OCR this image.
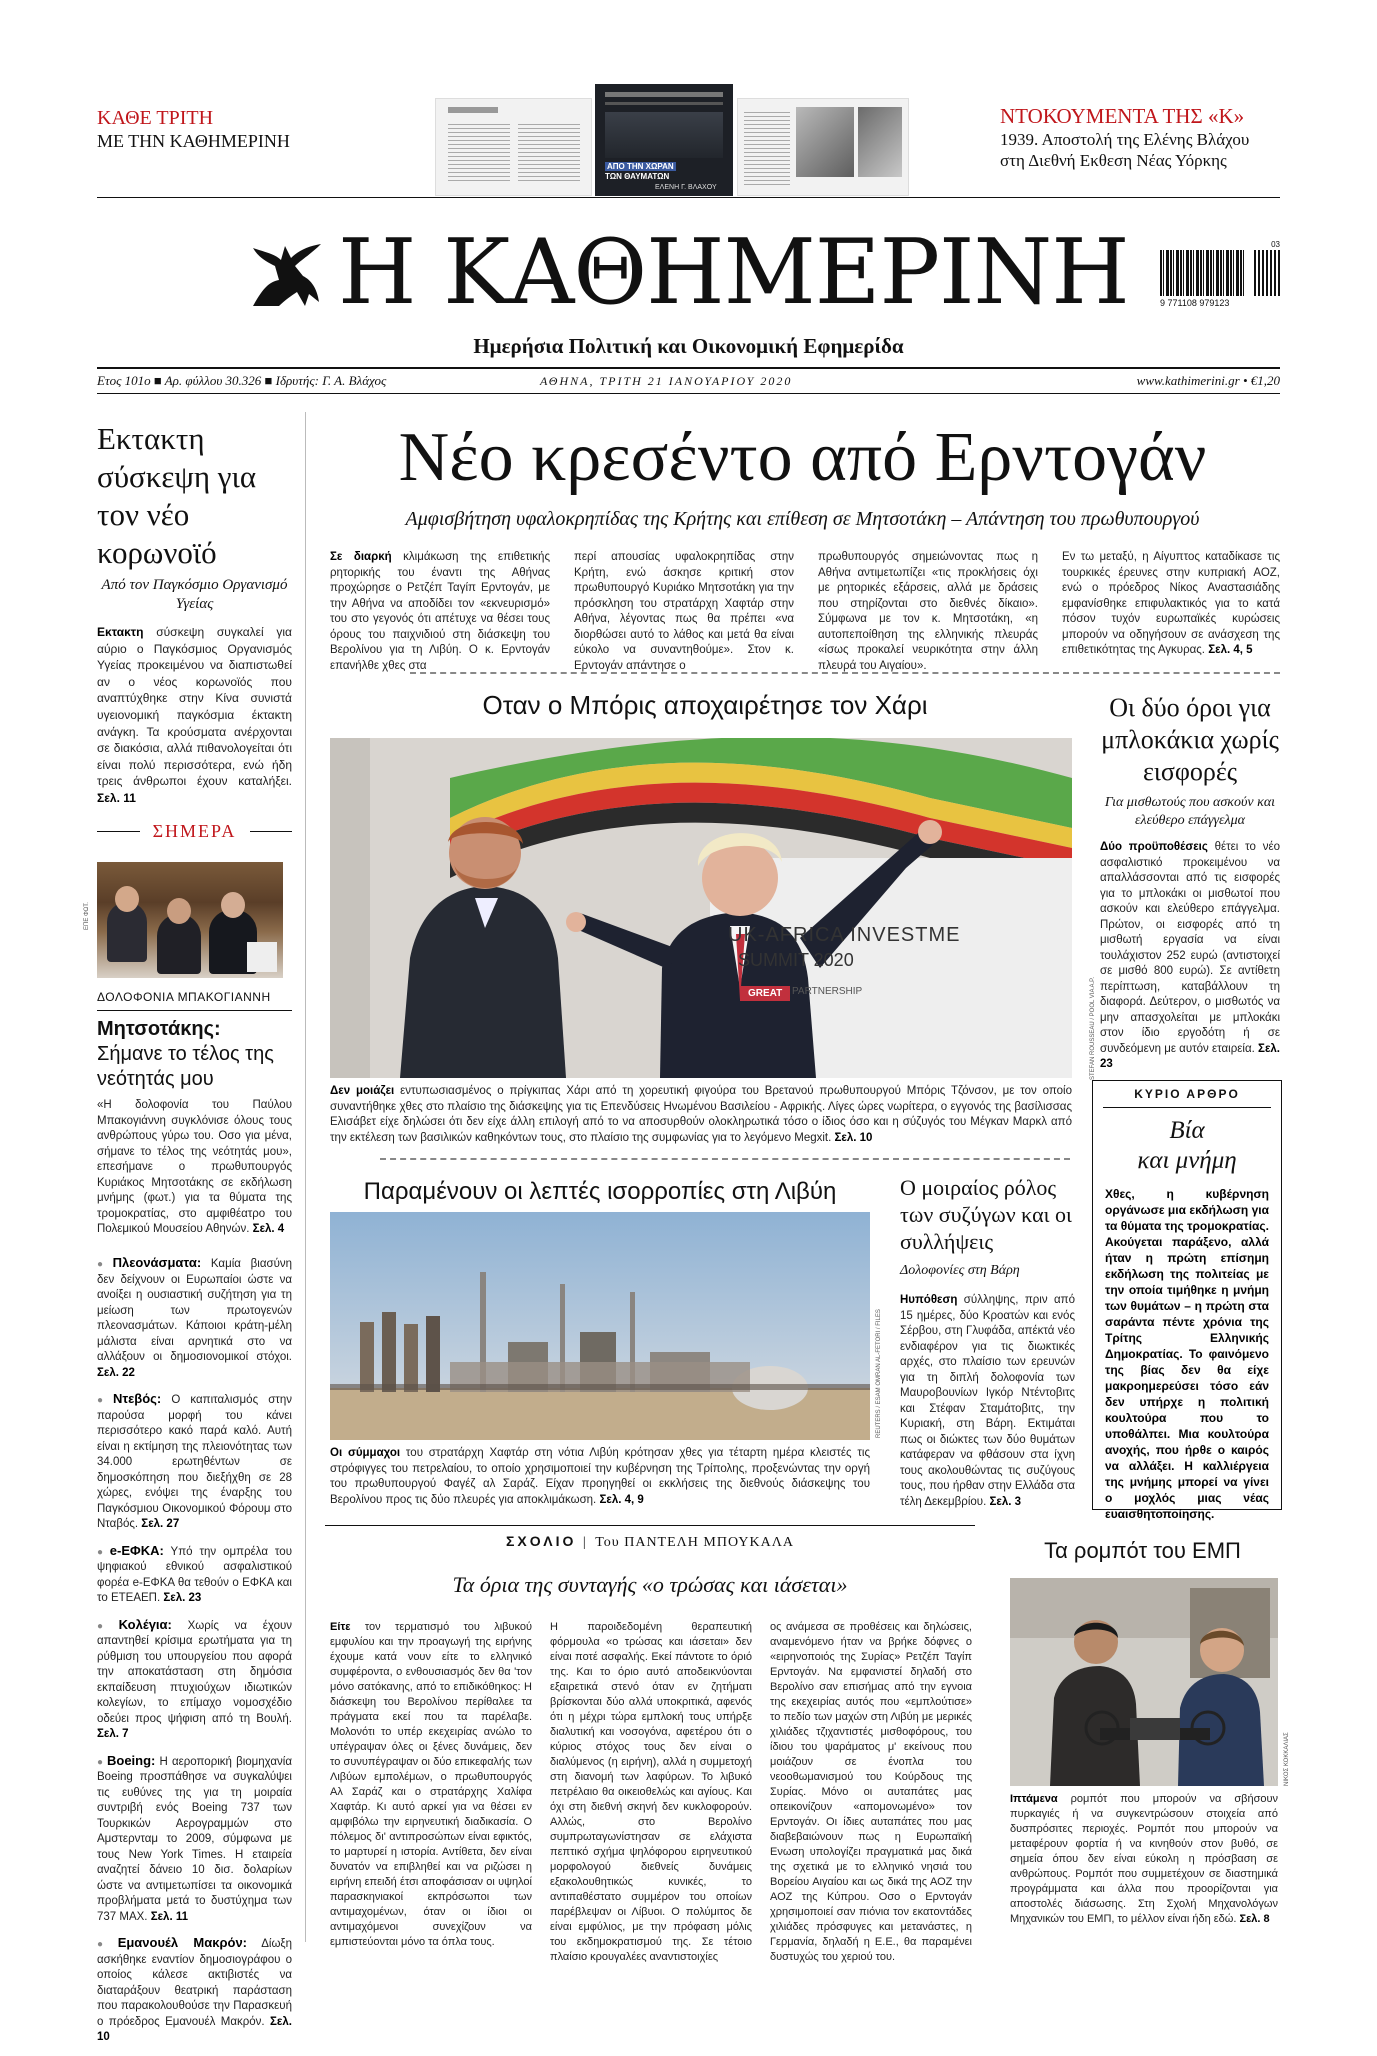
ΚΑΘΕ ΤΡΙΤΗ
ΜΕ ΤΗΝ ΚΑΘΗΜΕΡΙΝΗ
ΑΠΟ ΤΗΝ ΧΩΡΑΝ
ΤΩΝ ΘΑΥΜΑΤΩΝ
ΕΛΕΝΗ Γ. ΒΛΑΧΟΥ
ΝΤΟΚΟΥΜΕΝΤΑ ΤΗΣ «Κ»
1939. Αποστολή της Ελένης Βλάχου
στη Διεθνή Εκθεση Νέας Υόρκης
Η ΚΑΘΗΜΕΡΙΝΗ	03
9 771108 979123
Ημερήσια Πολιτική και Οικονομική Εφημερίδα
Ετος 101ο ■ Αρ. φύλλου 30.326 ■ Ιδρυτής: Γ. Α. Βλάχος	ΑΘΗΝΑ, ΤΡΙΤΗ 21 ΙΑΝΟΥΑΡΙΟΥ 2020	www.kathimerini.gr • €1,20
Εκτακτη σύσκεψη για τον νέο κορωνοϊό
Από τον Παγκόσμιο Οργανισμό Υγείας

Εκτακτη σύσκεψη συγκαλεί για αύριο ο Παγκόσμιος Οργανισμός Υγείας προκειμένου να διαπιστωθεί αν ο νέος κορωνοϊός που αναπτύχθηκε στην Κίνα συνιστά υγειονομική παγκόσμια έκτακτη ανάγκη. Τα κρούσματα ανέρχονται σε διακόσια, αλλά πιθανολογείται ότι είναι πολύ περισσότερα, ενώ ήδη τρεις άνθρωποι έχουν καταλήξει. Σελ. 11

ΣΗΜΕΡΑ
ΕΠΕ ΦΩΤ.
ΔΟΛΟΦΟΝΙΑ ΜΠΑΚΟΓΙΑΝΝΗ
Μητσοτάκης:
Σήμανε το τέλος της νεότητάς μου

«Η δολοφονία του Παύλου Μπακογιάννη συγκλόνισε όλους τους ανθρώπους γύρω του. Οσο για μένα, σήμανε το τέλος της νεότητάς μου», επεσήμανε ο πρωθυπουργός Κυριάκος Μητσοτάκης σε εκδήλωση μνήμης (φωτ.) για τα θύματα της τρομοκρατίας, στο αμφιθέατρο του Πολεμικού Μουσείου Αθηνών. Σελ. 4

● Πλεονάσματα: Καμία βιασύνη δεν δείχνουν οι Ευρωπαίοι ώστε να ανοίξει η ουσιαστική συζήτηση για τη μείωση των πρωτογενών πλεονασμάτων. Κάποιοι κράτη-μέλη μάλιστα είναι αρνητικά στο να αλλάξουν οι δημοσιονομικοί στόχοι. Σελ. 22

● Ντεβός: Ο καπιταλισμός στην παρούσα μορφή του κάνει περισσότερο κακό παρά καλό. Αυτή είναι η εκτίμηση της πλειονότητας των 34.000 ερωτηθέντων σε δημοσκόπηση που διεξήχθη σε 28 χώρες, ενόψει της έναρξης του Παγκόσμιου Οικονομικού Φόρουμ στο Νταβός. Σελ. 27

● e-ΕΦΚΑ: Υπό την ομπρέλα του ψηφιακού εθνικού ασφαλιστικού φορέα e-ΕΦΚΑ θα τεθούν ο ΕΦΚΑ και το ΕΤΕΑΕΠ. Σελ. 23

● Κολέγια: Χωρίς να έχουν απαντηθεί κρίσιμα ερωτήματα για τη ρύθμιση του υπουργείου που αφορά την αποκατάσταση στη δημόσια εκπαίδευση πτυχιούχων ιδιωτικών κολεγίων, το επίμαχο νομοσχέδιο οδεύει προς ψήφιση από τη Βουλή. Σελ. 7

● Boeing: Η αεροπορική βιομηχανία Boeing προσπάθησε να συγκαλύψει τις ευθύνες της για τη μοιραία συντριβή ενός Boeing 737 των Τουρκικών Αερογραμμών στο Αμστερνταμ το 2009, σύμφωνα με τους New York Times. Η εταιρεία αναζητεί δάνειο 10 δισ. δολαρίων ώστε να αντιμετωπίσει τα οικονομικά προβλήματα μετά το δυστύχημα των 737 MAX. Σελ. 11

● Εμανουέλ Μακρόν: Δίωξη ασκήθηκε εναντίον δημοσιογράφου ο οποίος κάλεσε ακτιβιστές να διαταράξουν θεατρική παράσταση που παρακολουθούσε την Παρασκευή ο πρόεδρος Εμανουέλ Μακρόν. Σελ. 10

Νέο κρεσέντο από Ερντογάν
Αμφισβήτηση υφαλοκρηπίδας της Κρήτης και επίθεση σε Μητσοτάκη – Απάντηση του πρωθυπουργού

Σε διαρκή κλιμάκωση της επιθετικής ρητορικής του έναντι της Αθήνας προχώρησε ο Ρετζέπ Ταγίπ Ερντογάν, με την Αθήνα να αποδίδει τον «εκνευρισμό» του στο γεγονός ότι απέτυχε να θέσει τους όρους του παιχνιδιού στη διάσκεψη του Βερολίνου για τη Λιβύη. Ο κ. Ερντογάν επανήλθε χθες στα

περί απουσίας υφαλοκρηπίδας στην Κρήτη, ενώ άσκησε κριτική στον πρωθυπουργό Κυριάκο Μητσοτάκη για την πρόσκληση του στρατάρχη Χαφτάρ στην Αθήνα, λέγοντας πως θα πρέπει «να διορθώσει αυτό το λάθος και μετά θα είναι εύκολο να συναντηθούμε». Στον κ. Ερντογάν απάντησε ο

πρωθυπουργός σημειώνοντας πως η Αθήνα αντιμετωπίζει «τις προκλήσεις όχι με ρητορικές εξάρσεις, αλλά με δράσεις που στηρίζονται στο διεθνές δίκαιο». Σύμφωνα με τον κ. Μητσοτάκη, «η αυτοπεποίθηση της ελληνικής πλευράς «ίσως προκαλεί νευρικότητα στην άλλη πλευρά του Αιγαίου».

Εν τω μεταξύ, η Αίγυπτος καταδίκασε τις τουρκικές έρευνες στην κυπριακή ΑΟΖ, ενώ ο πρόεδρος Νίκος Αναστασιάδης εμφανίσθηκε επιφυλακτικός για το κατά πόσον τυχόν ευρωπαϊκές κυρώσεις μπορούν να οδηγήσουν σε ανάσχεση της επιθετικότητας της Αγκυρας. Σελ. 4, 5

Οταν ο Μπόρις αποχαιρέτησε τον Χάρι
UK-AFRICA INVESTME
SUMMIT 2020
GREAT PARTNERSHIP	STEFAN ROUSSEAU / POOL VIA A.P.

Δεν μοιάζει εντυπωσιασμένος ο πρίγκιπας Χάρι από τη χορευτική φιγούρα του Βρετανού πρωθυπουργού Μπόρις Τζόνσον, με τον οποίο συναντήθηκε χθες στο πλαίσιο της διάσκεψης για τις Επενδύσεις Ηνωμένου Βασιλείου - Αφρικής. Λίγες ώρες νωρίτερα, ο εγγονός της βασίλισσας Ελισάβετ είχε δηλώσει ότι δεν είχε άλλη επιλογή από το να αποσυρθούν ολοκληρωτικά τόσο ο ίδιος όσο και η σύζυγός του Μέγκαν Μαρκλ από την εκτέλεση των βασιλικών καθηκόντων τους, στο πλαίσιο της συμφωνίας για το λεγόμενο Megxit. Σελ. 10

Οι δύο όροι για μπλοκάκια χωρίς εισφορές
Για μισθωτούς που ασκούν και ελεύθερο επάγγελμα

Δύο προϋποθέσεις θέτει το νέο ασφαλιστικό προκειμένου να απαλλάσσονται από τις εισφορές για το μπλοκάκι οι μισθωτοί που ασκούν και ελεύθερο επάγγελμα. Πρώτον, οι εισφορές από τη μισθωτή εργασία να είναι τουλάχιστον 252 ευρώ (αντιστοιχεί σε μισθό 800 ευρώ). Σε αντίθετη περίπτωση, καταβάλλουν τη διαφορά. Δεύτερον, ο μισθωτός να μην απασχολείται με μπλοκάκι στον ίδιο εργοδότη ή σε συνδεόμενη με αυτόν εταιρεία. Σελ. 23

ΚΥΡΙΟ ΑΡΘΡΟ
Βία
και μνήμη

Χθες, η κυβέρνηση οργάνωσε μια εκδήλωση για τα θύματα της τρομοκρατίας. Ακούγεται παράξενο, αλλά ήταν η πρώτη επίσημη εκδήλωση της πολιτείας με την οποία τιμήθηκε η μνήμη των θυμάτων – η πρώτη στα σαράντα πέντε χρόνια της Τρίτης Ελληνικής Δημοκρατίας. Το φαινόμενο της βίας δεν θα είχε μακροημερεύσει τόσο εάν δεν υπήρχε η πολιτική κουλτούρα που το υποθάλπει. Μια κουλτούρα ανοχής, που ήρθε ο καιρός να αλλάξει. Η καλλιέργεια της μνήμης μπορεί να γίνει ο μοχλός μιας νέας ευαισθητοποίησης.

Παραμένουν οι λεπτές ισορροπίες στη Λιβύη
REUTERS / ESAM OMRAN AL-FETORI / FILES

Οι σύμμαχοι του στρατάρχη Χαφτάρ στη νότια Λιβύη κρότησαν χθες για τέταρτη ημέρα κλειστές τις στρόφιγγες του πετρελαίου, το οποίο χρησιμοποιεί την κυβέρνηση της Τρίπολης, προξενώντας την οργή του πρωθυπουργού Φαγέζ αλ Σαράζ. Είχαν προηγηθεί οι εκκλήσεις της διεθνούς διάσκεψης του Βερολίνου προς τις δύο πλευρές για αποκλιμάκωση. Σελ. 4, 9

Ο μοιραίος ρόλος των συζύγων και οι συλλήψεις
Δολοφονίες στη Βάρη

Ηυπόθεση σύλληψης, πριν από 15 ημέρες, δύο Κροατών και ενός Σέρβου, στη Γλυφάδα, απέκτά νέο ενδιαφέρον για τις διωκτικές αρχές, στο πλαίσιο των ερευνών για τη διπλή δολοφονία των Μαυροβουνίων Ιγκόρ Ντέντοβιτς και Στέφαν Σταμάτοβιτς, την Κυριακή, στη Βάρη. Εκτιμάται πως οι διώκτες των δύο θυμάτων κατάφεραν να φθάσουν στα ίχνη τους ακολουθώντας τις συζύγους τους, που ήρθαν στην Ελλάδα στα τέλη Δεκεμβρίου. Σελ. 3

ΣΧΟΛΙΟ | Του ΠΑΝΤΕΛΗ ΜΠΟΥΚΑΛΑ
Τα όρια της συνταγής «ο τρώσας και ιάσεται»

Είτε τον τερματισμό του λιβυκού εμφυλίου και την προαγωγή της ειρήνης έχουμε κατά νουν είτε το ελληνικό συμφέροντα, ο ενθουσιασμός δεν θα 'τον μόνο σατόκανης, από το επιδικόθηκος: Η διάσκεψη του Βερολίνου περίθαλεε τα πράγματα εκεί που τα παρέλαβε. Μολονότι το υπέρ εκεχειρίας ανώλο το υπέγραψαν όλες οι ξένες δυνάμεις, δεν το συνυπέγραψαν οι δύο επικεφαλής των Λιβύων εμπολέμων, ο πρωθυπουργός Αλ Σαράζ και ο στρατάρχης Χαλίφα Χαφτάρ. Κι αυτό αρκεί για να θέσει εν αμφιβόλω την ειρηνευτική διαδικασία. Ο πόλεμος δι' αντιπροσώπων είναι εφικτός, το μαρτυρεί η ιστορία. Αντίθετα, δεν είναι δυνατόν να επιβληθεί και να ριζώσει η ειρήνη επειδή έτσι αποφάσισαν οι υψηλοί παρασκηνιακοί εκπρόσωποι των αντιμαχομένων, όταν οι ίδιοι οι αντιμαχόμενοι συνεχίζουν να εμπιστεύονται μόνο τα όπλα τους.

Η παροιδεδομένη θεραπευτική φόρμουλα «ο τρώσας και ιάσεται» δεν είναι ποτέ ασφαλής. Εκεί πάντοτε το όριό της. Και το όριο αυτό αποδεικνύονται εξαιρετικά στενό όταν εν ζητήματι βρίσκονται δύο αλλά υποκριτικά, αφενός ότι η μέχρι τώρα εμπλοκή τους υπήρξε διαλυτική και νοσογόνα, αφετέρου ότι ο κύριος στόχος τους δεν είναι ο διαλύμενος (η ειρήνη), αλλά η συμμετοχή στη διανομή των λαφύρων. Το λιβυκό πετρέλαιο θα οικειοθελώς και αγίους. Και όχι στη διεθνή σκηνή δεν κυκλοφορούν. Αλλώς, στο Βερολίνο συμπρωταγωνίστησαν σε ελάχιστα πεπτικό σχήμα ψηλόφορου ειρηνευτικού μορφολογού διεθνείς δυνάμεις εξακολουθητικώς κυνικές, το αντιπαθέστατο συμμέρον του οποίων παρέβλεψαν οι Λίβυοι. Ο πολύμιτος δε είναι εμφύλιος, με την πρόφαση μόλις του εκδημοκρατισμού της. Σε τέτοιο πλαίσιο κρουγαλέες αναντιστοιχίες

ος ανάμεσα σε προθέσεις και δηλώσεις, αναμενόμενο ήταν να βρήκε δόφνες ο «ειρηνοποιός της Συρίας» Ρετζέπ Ταγίπ Ερντογάν. Να εμφανιστεί δηλαδή στο Βερολίνο σαν επισήμας από την εγνοια της εκεχειρίας αυτός που «εμπλούτισε» το πεδίο των μαχών στη Λιβύη με μερικές χιλιάδες τζιχαντιστές μισθοφόρους, του ίδιου του ψαράματος μ' εκείνους που μοιάζουν σε ένοπλα του νεοοθωμανισμού του Κούρδους της Συρίας. Μόνο οι αυταπάτες μας οπεικονίζουν «απομονωμένο» τον Ερντογάν. Οι ίδιες αυταπάτες που μας διαβεβαιώνουν πως η Ευρωπαϊκή Ενωση υπολογίζει πραγματικά μας δικά της σχετικά με το ελληνικό νησιά του Βορείου Αιγαίου και ως δικά της ΑΟΖ την ΑΟΖ της Κύπρου. Οσο ο Ερντογάν χρησιμοποιεί σαν πιόνια τον εκατοντάδες χιλιάδες πρόσφυγες και μετανάστες, η Γερμανία, δηλαδή η Ε.Ε., θα παραμένει δυστυχώς του χεριού του.

Τα ρομπότ του ΕΜΠ
ΝΙΚΟΣ ΚΟΚΚΑΛΙΑΣ

Ιπτάμενα ρομπότ που μπορούν να σβήσουν πυρκαγιές ή να συγκεντρώσουν στοιχεία από δυσπρόσιτες περιοχές. Ρομπότ που μπορούν να μεταφέρουν φορτία ή να κινηθούν στον βυθό, σε σημεία όπου δεν είναι εύκολη η πρόσβαση σε ανθρώπους. Ρομπότ που συμμετέχουν σε διαστημικά προγράμματα και άλλα που προορίζονται για αποστολές διάσωσης. Στη Σχολή Μηχανολόγων Μηχανικών του ΕΜΠ, το μέλλον είναι ήδη εδώ. Σελ. 8
